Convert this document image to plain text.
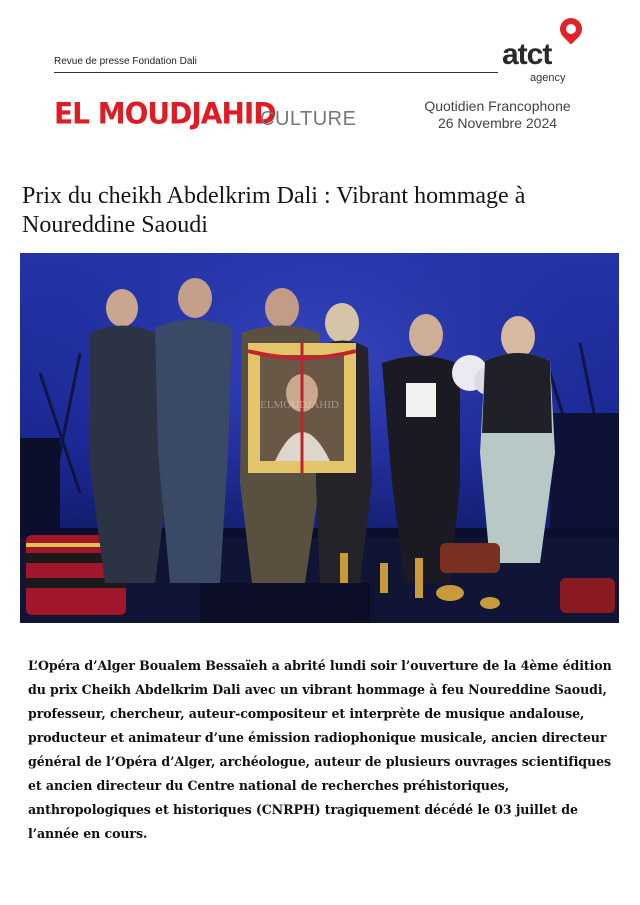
Revue de presse Fondation Dali	atct
agency
EL MOUDJAHID
CULTURE
Quotidien Francophone
26 Novembre 2024
Prix du cheikh Abdelkrim Dali : Vibrant hommage à Noureddine Saoudi
ELMOUDJAHID

L’Opéra d’Alger Boualem Bessaïeh a abrité lundi soir l’ouverture de la 4ème édition du prix Cheikh Abdelkrim Dali avec un vibrant hommage à feu Noureddine Saoudi, professeur, chercheur, auteur-compositeur et interprète de musique andalouse, producteur et animateur d’une émission radiophonique musicale, ancien directeur général de l’Opéra d’Alger, archéologue, auteur de plusieurs ouvrages scientifiques et ancien directeur du Centre national de recherches préhistoriques, anthropologiques et historiques (CNRPH) tragiquement décédé le 03 juillet de l’année en cours.
